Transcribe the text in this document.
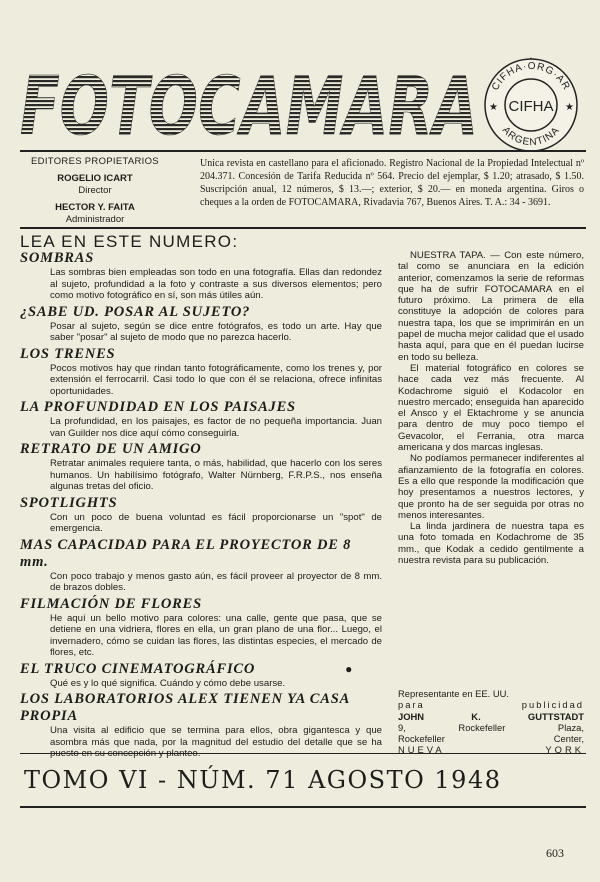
FOTOCAMARA CIFHA·ORG·AR
ARGENTINA
CIFHA
★	★
EDITORES PROPIETARIOS
ROGELIO ICART
Director
HECTOR Y. FAITA
Administrador
Unica revista en castellano para el aficionado. Registro Nacional de la Propiedad Intelectual nº 204.371. Concesión de Tarifa Reducida nº 564. Precio del ejemplar, $ 1.20; atrasado, $ 1.50. Suscripción anual, 12 números, $ 13.—; exterior, $ 20.— en moneda argentina. Giros o cheques a la orden de FOTOCAMARA, Rivadavia 767, Buenos Aires. T. A.: 34 - 3691.
LEA EN ESTE NUMERO:
SOMBRAS
Las sombras bien empleadas son todo en una fotografía. Ellas dan redondez al sujeto, profundidad a la foto y contraste a sus diversos elementos; pero como motivo fotográfico en sí, son más útiles aún.
¿SABE UD. POSAR AL SUJETO?
Posar al sujeto, según se dice entre fotógrafos, es todo un arte. Hay que saber "posar" al sujeto de modo que no parezca hacerlo.
LOS TRENES
Pocos motivos hay que rindan tanto fotográficamente, como los trenes y, por extensión el ferrocarril. Casi todo lo que con él se relaciona, ofrece infinitas oportunidades.
LA PROFUNDIDAD EN LOS PAISAJES
La profundidad, en los paisajes, es factor de no pequeña importancia. Juan van Guilder nos dice aquí cómo conseguirla.
RETRATO DE UN AMIGO
Retratar animales requiere tanta, o más, habilidad, que hacerlo con los seres humanos. Un habilísimo fotógrafo, Walter Nürnberg, F.R.P.S., nos enseña algunas tretas del oficio.
SPOTLIGHTS
Con un poco de buena voluntad es fácil proporcionarse un "spot" de emergencia.
MAS CAPACIDAD PARA EL PROYECTOR DE 8 mm.
Con poco trabajo y menos gasto aún, es fácil proveer al proyector de 8 mm. de brazos dobles.
FILMACIÓN DE FLORES
He aquí un bello motivo para colores: una calle, gente que pasa, que se detiene en una vidriera, flores en ella, un gran plano de una flor... Luego, el invernadero, cómo se cuidan las flores, las distintas especies, el mercado de flores, etc.
EL TRUCO CINEMATOGRÁFICO	●
Qué es y lo qué significa. Cuándo y cómo debe usarse.
LOS LABORATORIOS ALEX TIENEN YA CASA PROPIA
Una visita al edificio que se termina para ellos, obra gigantesca y que asombra más que nada, por la magnitud del estudio del detalle que se ha puesto en su concepción y planteo.

NUESTRA TAPA. — Con este número, tal como se anunciara en la edición anterior, comenzamos la serie de reformas que ha de sufrir FOTOCAMARA en el futuro próximo. La primera de ella constituye la adopción de colores para nuestra tapa, los que se imprimirán en un papel de mucha mejor calidad que el usado hasta aquí, para que en él puedan lucirse en todo su belleza.

El material fotográfico en colores se hace cada vez más frecuente. Al Kodachrome siguió el Kodacolor en nuestro mercado; enseguida han aparecido el Ansco y el Ektachrome y se anuncia para dentro de muy poco tiempo el Gevacolor, el Ferrania, otra marca americana y dos marcas inglesas.

No podíamos permanecer indiferentes al afianzamiento de la fotografía en colores. Es a ello que responde la modificación que hoy presentamos a nuestros lectores, y que pronto ha de ser seguida por otras no menos interesantes.

La linda jardinera de nuestra tapa es una foto tomada en Kodachrome de 35 mm., que Kodak a cedido gentilmente a nuestra revista para su publicación.

Representante en EE. UU.
para publicidad
JOHN K. GUTTSTADT
9, Rockefeller Plaza,
Rockefeller Center,
NUEVA YORK
TOMO VI - NÚM. 71 AGOSTO 1948
603
